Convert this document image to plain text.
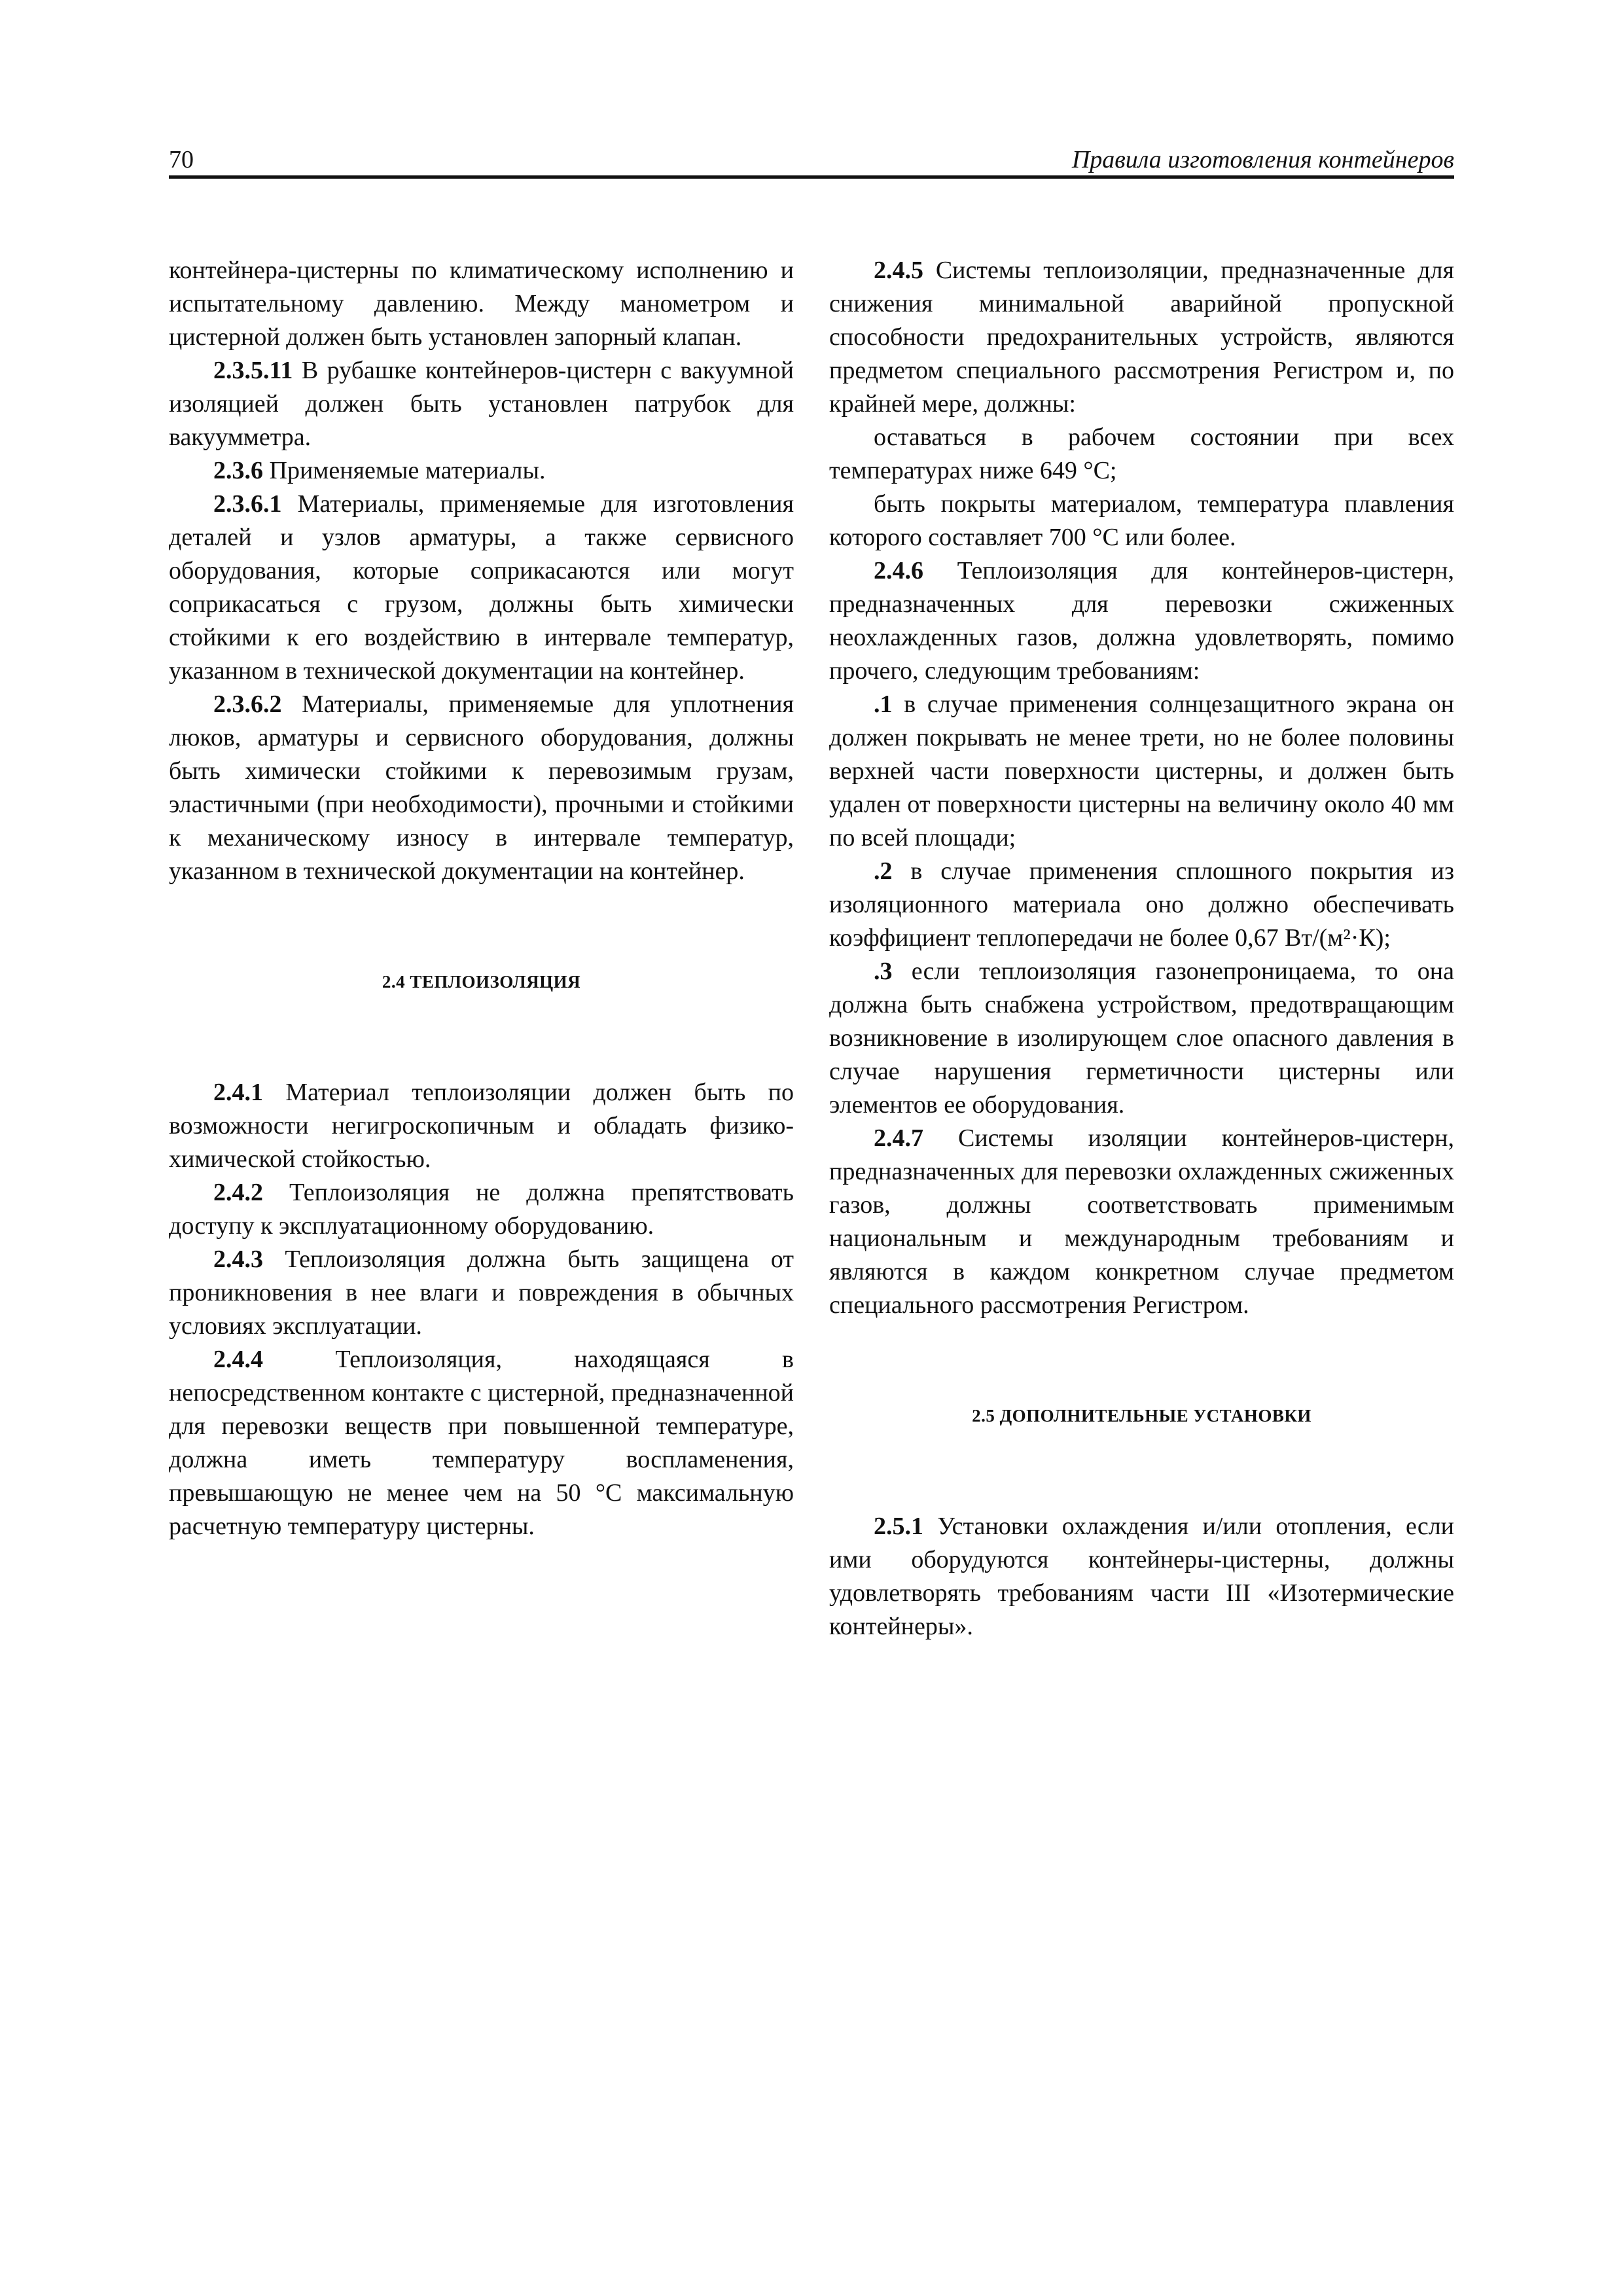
70	Правила изготовления контейнеров

контейнера-цистерны по климатическому исполнению и испытательному давлению. Между манометром и цистерной должен быть установлен запорный клапан.

2.3.5.11 В рубашке контейнеров-цистерн с вакуумной изоляцией должен быть установлен патрубок для вакуумметра.

2.3.6 Применяемые материалы.

2.3.6.1 Материалы, применяемые для изготовления деталей и узлов арматуры, а также сервисного оборудования, которые соприкасаются или могут соприкасаться с грузом, должны быть химически стойкими к его воздействию в интервале температур, указанном в технической документации на контейнер.

2.3.6.2 Материалы, применяемые для уплотнения люков, арматуры и сервисного оборудования, должны быть химически стойкими к перевозимым грузам, эластичными (при необходимости), прочными и стойкими к механическому износу в интервале температур, указанном в технической документации на контейнер.

2.4 ТЕПЛОИЗОЛЯЦИЯ

2.4.1 Материал теплоизоляции должен быть по возможности негигроскопичным и обладать физико-химической стойкостью.

2.4.2 Теплоизоляция не должна препятствовать доступу к эксплуатационному оборудованию.

2.4.3 Теплоизоляция должна быть защищена от проникновения в нее влаги и повреждения в обычных условиях эксплуатации.

2.4.4 Теплоизоляция, находящаяся в непосредственном контакте с цистерной, предназначенной для перевозки веществ при повышенной температуре, должна иметь температуру воспламенения, превышающую не менее чем на 50 °С максимальную расчетную температуру цистерны.

2.4.5 Системы теплоизоляции, предназначенные для снижения минимальной аварийной пропускной способности предохранительных устройств, являются предметом специального рассмотрения Регистром и, по крайней мере, должны:

оставаться в рабочем состоянии при всех температурах ниже 649 °С;

быть покрыты материалом, температура плавления которого составляет 700 °С или более.

2.4.6 Теплоизоляция для контейнеров-цистерн, предназначенных для перевозки сжиженных неохлажденных газов, должна удовлетворять, помимо прочего, следующим требованиям:

.1 в случае применения солнцезащитного экрана он должен покрывать не менее трети, но не более половины верхней части поверхности цистерны, и должен быть удален от поверхности цистерны на величину около 40 мм по всей площади;

.2 в случае применения сплошного покрытия из изоляционного материала оно должно обеспечивать коэффициент теплопередачи не более 0,67 Вт/(м²·К);

.3 если теплоизоляция газонепроницаема, то она должна быть снабжена устройством, предотвращающим возникновение в изолирующем слое опасного давления в случае нарушения герметичности цистерны или элементов ее оборудования.

2.4.7 Системы изоляции контейнеров-цистерн, предназначенных для перевозки охлажденных сжиженных газов, должны соответствовать применимым национальным и международным требованиям и являются в каждом конкретном случае предметом специального рассмотрения Регистром.

2.5 ДОПОЛНИТЕЛЬНЫЕ УСТАНОВКИ

2.5.1 Установки охлаждения и/или отопления, если ими оборудуются контейнеры-цистерны, должны удовлетворять требованиям части III «Изотермические контейнеры».
